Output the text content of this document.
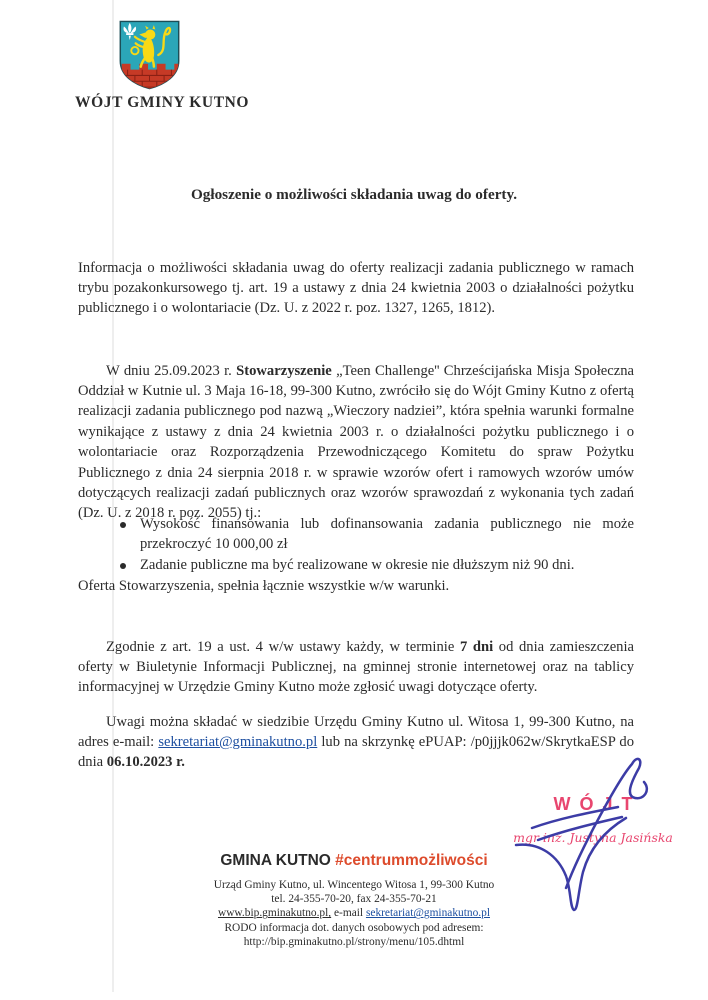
WÓJT GMINY KUTNO
Ogłoszenie o możliwości składania uwag do oferty.

Informacja o możliwości składania uwag do oferty realizacji zadania publicznego w ramach trybu pozakonkursowego tj. art. 19 a ustawy z dnia 24 kwietnia 2003 o działalności pożytku publicznego i o wolontariacie (Dz. U. z 2022 r. poz. 1327, 1265, 1812).

W dniu 25.09.2023 r. Stowarzyszenie „Teen Challenge'' Chrześcijańska Misja Społeczna Oddział w Kutnie ul. 3 Maja 16-18, 99-300 Kutno, zwróciło się do Wójt Gminy Kutno z ofertą realizacji zadania publicznego pod nazwą „Wieczory nadziei”, która spełnia warunki formalne wynikające z ustawy z dnia 24 kwietnia 2003 r. o działalności pożytku publicznego i o wolontariacie oraz Rozporządzenia Przewodniczącego Komitetu do spraw Pożytku Publicznego z dnia 24 sierpnia 2018 r. w sprawie wzorów ofert i ramowych wzorów umów dotyczących realizacji zadań publicznych oraz wzorów sprawozdań z wykonania tych zadań (Dz. U. z 2018 r. poz. 2055) tj.:

Wysokość finansowania lub dofinansowania zadania publicznego nie może przekroczyć 10 000,00 zł
Zadanie publiczne ma być realizowane w okresie nie dłuższym niż 90 dni.

Oferta Stowarzyszenia, spełnia łącznie wszystkie w/w warunki.

Zgodnie z art. 19 a ust. 4 w/w ustawy każdy, w terminie 7 dni od dnia zamieszczenia oferty w Biuletynie Informacji Publicznej, na gminnej stronie internetowej oraz na tablicy informacyjnej w Urzędzie Gminy Kutno może zgłosić uwagi dotyczące oferty.

Uwagi można składać w siedzibie Urzędu Gminy Kutno ul. Witosa 1, 99-300 Kutno, na adres e-mail: sekretariat@gminakutno.pl lub na skrzynkę ePUAP: /p0jjjk062w/SkrytkaESP do dnia 06.10.2023 r.

WÓJT
mgr inż. Justyna Jasińska
GMINA KUTNO #centrummożliwości
Urząd Gminy Kutno, ul. Wincentego Witosa 1, 99-300 Kutno
tel. 24-355-70-20, fax 24-355-70-21
www.bip.gminakutno.pl, e-mail sekretariat@gminakutno.pl
RODO informacja dot. danych osobowych pod adresem:
http://bip.gminakutno.pl/strony/menu/105.dhtml
